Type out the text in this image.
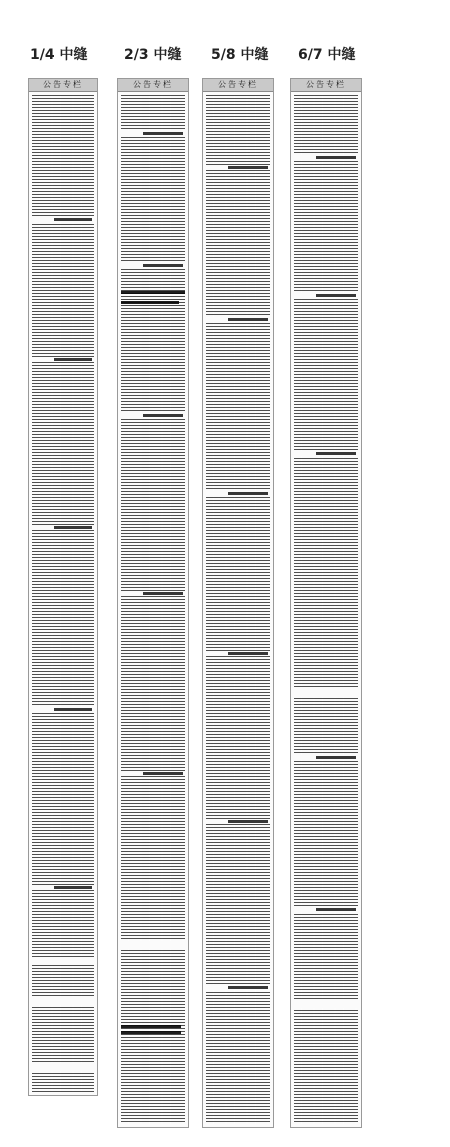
1/4 中缝	2/3 中缝 5/8 中缝 6/7 中缝
公告专栏	公告专栏	公告专栏	公告专栏
